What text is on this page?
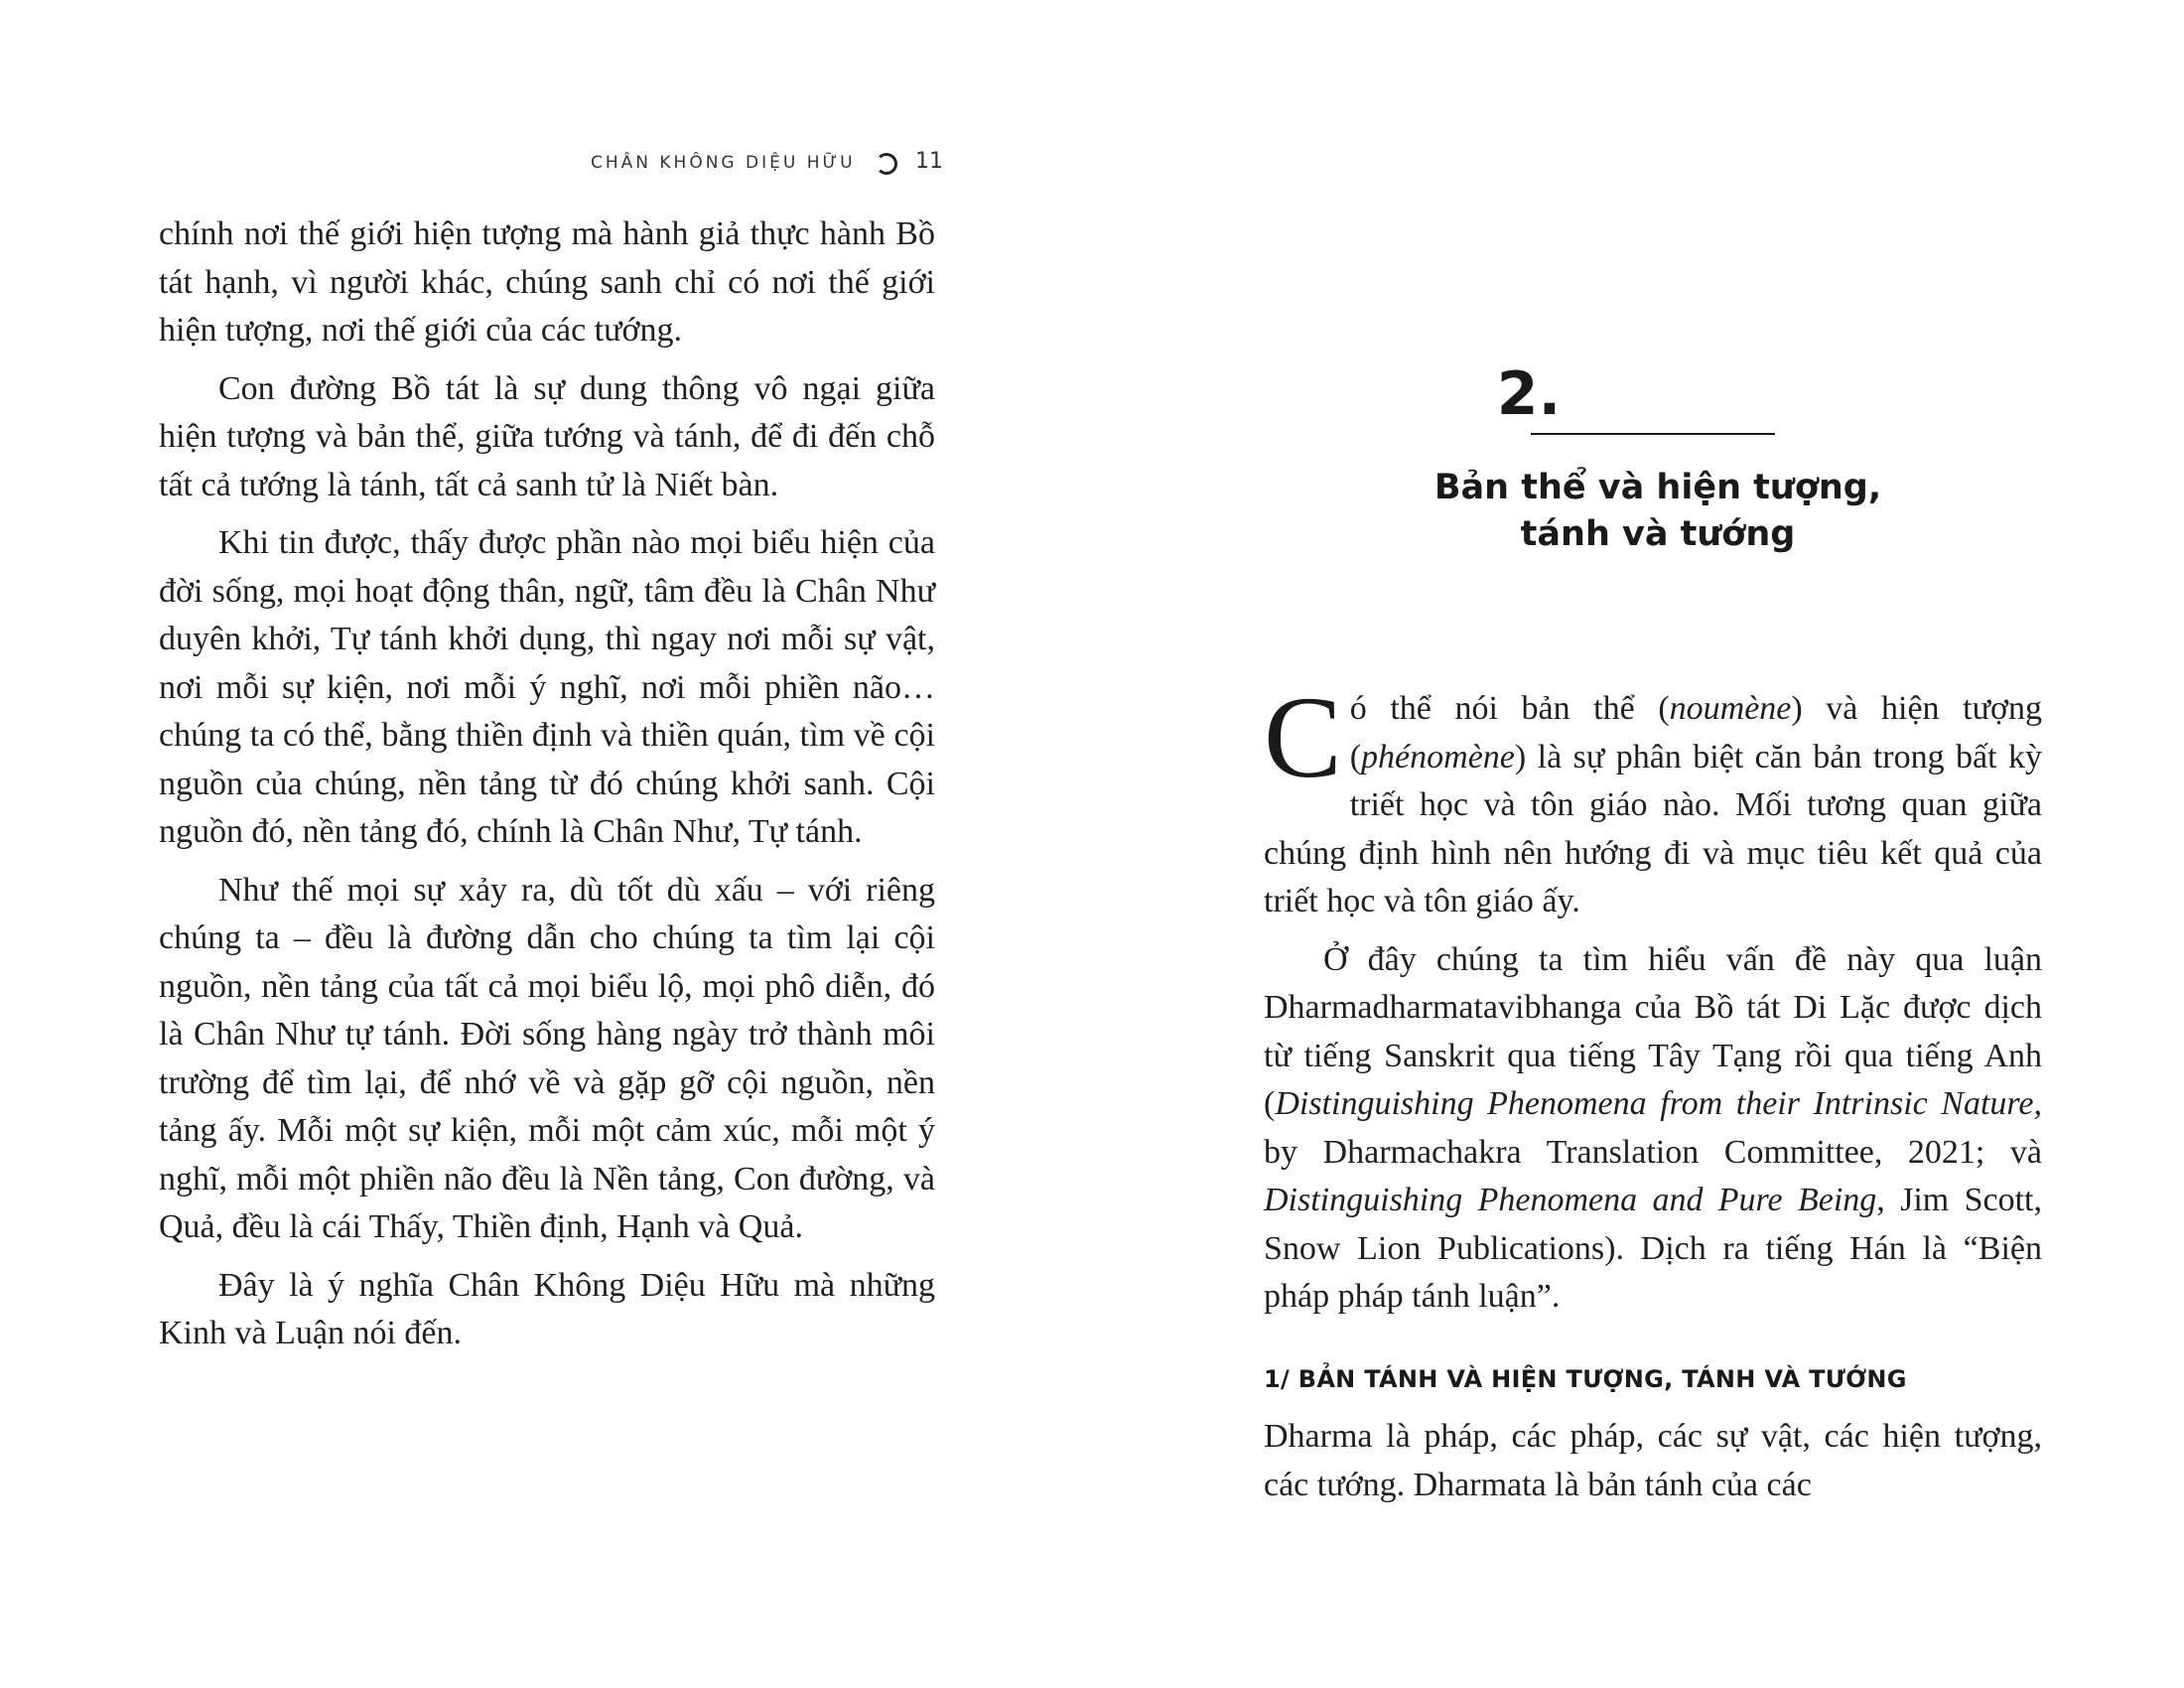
CHÂN KHÔNG DIỆU HỮU	11

chính nơi thế giới hiện tượng mà hành giả thực hành Bồ tát hạnh, vì người khác, chúng sanh chỉ có nơi thế giới hiện tượng, nơi thế giới của các tướng.

Con đường Bồ tát là sự dung thông vô ngại giữa hiện tượng và bản thể, giữa tướng và tánh, để đi đến chỗ tất cả tướng là tánh, tất cả sanh tử là Niết bàn.

Khi tin được, thấy được phần nào mọi biểu hiện của đời sống, mọi hoạt động thân, ngữ, tâm đều là Chân Như duyên khởi, Tự tánh khởi dụng, thì ngay nơi mỗi sự vật, nơi mỗi sự kiện, nơi mỗi ý nghĩ, nơi mỗi phiền não… chúng ta có thể, bằng thiền định và thiền quán, tìm về cội nguồn của chúng, nền tảng từ đó chúng khởi sanh. Cội nguồn đó, nền tảng đó, chính là Chân Như, Tự tánh.

Như thế mọi sự xảy ra, dù tốt dù xấu – với riêng chúng ta – đều là đường dẫn cho chúng ta tìm lại cội nguồn, nền tảng của tất cả mọi biểu lộ, mọi phô diễn, đó là Chân Như tự tánh. Đời sống hàng ngày trở thành môi trường để tìm lại, để nhớ về và gặp gỡ cội nguồn, nền tảng ấy. Mỗi một sự kiện, mỗi một cảm xúc, mỗi một ý nghĩ, mỗi một phiền não đều là Nền tảng, Con đường, và Quả, đều là cái Thấy, Thiền định, Hạnh và Quả.

Đây là ý nghĩa Chân Không Diệu Hữu mà những Kinh và Luận nói đến.

2.
Bản thể và hiện tượng,
tánh và tướng

Có thể nói bản thể (noumène) và hiện tượng (phénomène) là sự phân biệt căn bản trong bất kỳ triết học và tôn giáo nào. Mối tương quan giữa chúng định hình nên hướng đi và mục tiêu kết quả của triết học và tôn giáo ấy.

Ở đây chúng ta tìm hiểu vấn đề này qua luận Dharmadharmatavibhanga của Bồ tát Di Lặc được dịch từ tiếng Sanskrit qua tiếng Tây Tạng rồi qua tiếng Anh (Distinguishing Phenomena from their Intrinsic Nature, by Dharmachakra Translation Committee, 2021; và Distinguishing Phenomena and Pure Being, Jim Scott, Snow Lion Publications). Dịch ra tiếng Hán là “Biện pháp pháp tánh luận”.

1/ BẢN TÁNH VÀ HIỆN TƯỢNG, TÁNH VÀ TƯỚNG

Dharma là pháp, các pháp, các sự vật, các hiện tượng, các tướng. Dharmata là bản tánh của các
